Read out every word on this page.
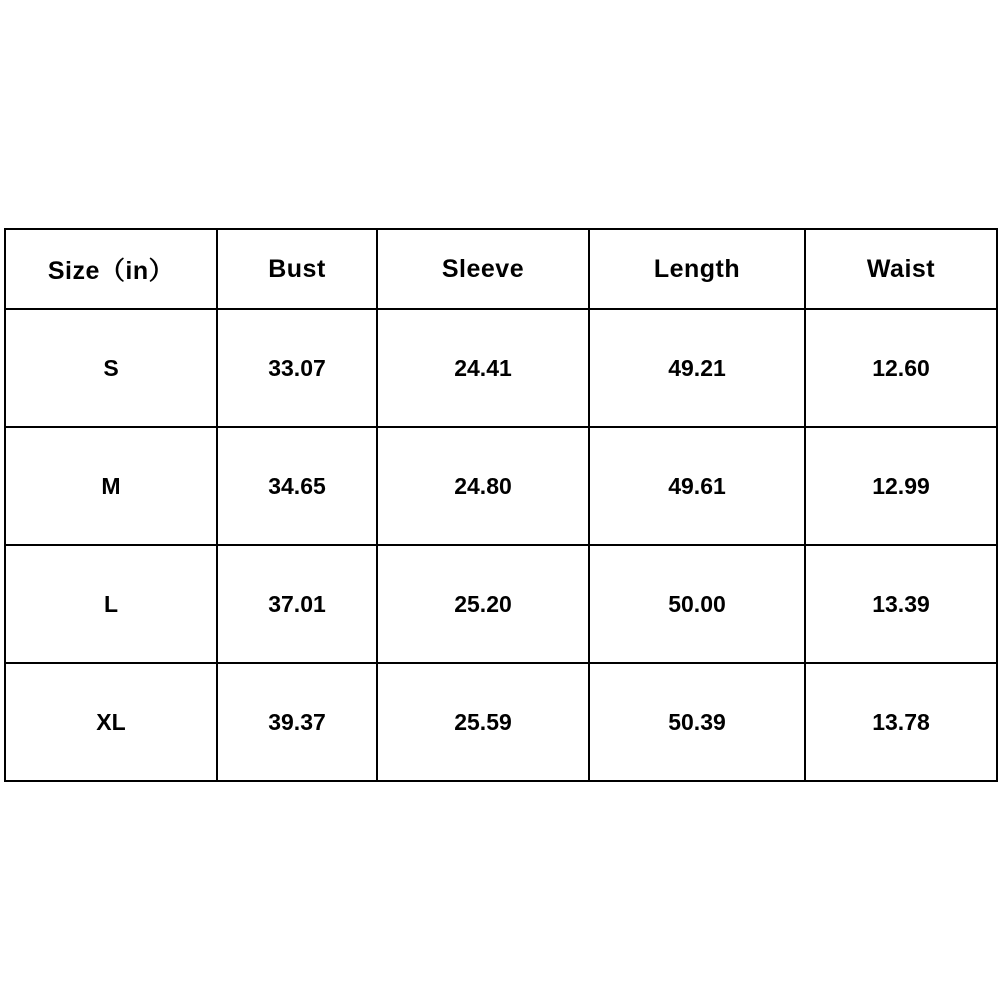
Size（in）	Bust	Sleeve	Length	Waist
S	33.07	24.41	49.21	12.60
M	34.65	24.80	49.61	12.99
L	37.01	25.20	50.00	13.39
XL	39.37	25.59	50.39	13.78
